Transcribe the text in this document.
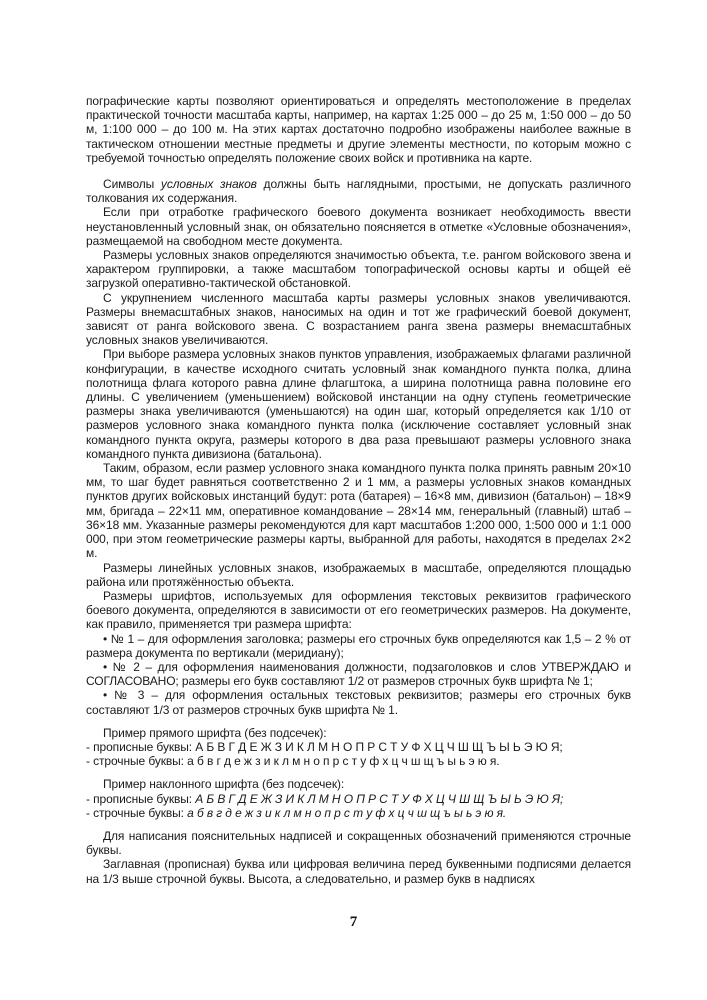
пографические карты позволяют ориентироваться и определять местоположение в пределах практической точности масштаба карты, например, на картах 1:25 000 – до 25 м, 1:50 000 – до 50 м, 1:100 000 – до 100 м. На этих картах достаточно подробно изображены наиболее важные в тактическом отношении местные предметы и другие элементы местности, по которым можно с требуемой точностью определять положение своих войск и противника на карте.

Символы условных знаков должны быть наглядными, простыми, не допускать различного толкования их содержания.

Если при отработке графического боевого документа возникает необходимость ввести неустановленный условный знак, он обязательно поясняется в отметке «Условные обозначения», размещаемой на свободном месте документа.

Размеры условных знаков определяются значимостью объекта, т.е. рангом войскового звена и характером группировки, а также масштабом топографической основы карты и общей её загрузкой оперативно-тактической обстановкой.

С укрупнением численного масштаба карты размеры условных знаков увеличиваются. Размеры внемасштабных знаков, наносимых на один и тот же графический боевой документ, зависят от ранга войскового звена. С возрастанием ранга звена размеры внемасштабных условных знаков увеличиваются.

При выборе размера условных знаков пунктов управления, изображаемых флагами различной конфигурации, в качестве исходного считать условный знак командного пункта полка, длина полотнища флага которого равна длине флагштока, а ширина полотнища равна половине его длины. С увеличением (уменьшением) войсковой инстанции на одну ступень геометрические размеры знака увеличиваются (уменьшаются) на один шаг, который определяется как 1/10 от размеров условного знака командного пункта полка (исключение составляет условный знак командного пункта округа, размеры которого в два раза превышают размеры условного знака командного пункта дивизиона (батальона).

Таким, образом, если размер условного знака командного пункта полка принять равным 20×10 мм, то шаг будет равняться соответственно 2 и 1 мм, а размеры условных знаков командных пунктов других войсковых инстанций будут: рота (батарея) – 16×8 мм, дивизион (батальон) – 18×9 мм, бригада – 22×11 мм, оперативное командование – 28×14 мм, генеральный (главный) штаб – 36×18 мм. Указанные размеры рекомендуются для карт масштабов 1:200 000, 1:500 000 и 1:1 000 000, при этом геометрические размеры карты, выбранной для работы, находятся в пределах 2×2 м.

Размеры линейных условных знаков, изображаемых в масштабе, определяются площадью района или протяжённостью объекта.

Размеры шрифтов, используемых для оформления текстовых реквизитов графического боевого документа, определяются в зависимости от его геометрических размеров. На документе, как правило, применяется три размера шрифта:

• № 1 – для оформления заголовка; размеры его строчных букв определяются как 1,5 – 2 % от размера документа по вертикали (меридиану);

• № 2 – для оформления наименования должности, подзаголовков и слов УТВЕРЖДАЮ и СОГЛАСОВАНО; размеры его букв составляют 1/2 от размеров строчных букв шрифта № 1;

• № 3 – для оформления остальных текстовых реквизитов; размеры его строчных букв составляют 1/3 от размеров строчных букв шрифта № 1.

Пример прямого шрифта (без подсечек):

- прописные буквы: А Б В Г Д Е Ж З И К Л М Н О П Р С Т У Ф Х Ц Ч Ш Щ Ъ Ы Ь Э Ю Я;

- строчные буквы: а б в г д е ж з и к л м н о п р с т у ф х ц ч ш щ ъ ы ь э ю я.

Пример наклонного шрифта (без подсечек):

- прописные буквы: А Б В Г Д Е Ж З И К Л М Н О П Р С Т У Ф Х Ц Ч Ш Щ Ъ Ы Ь Э Ю Я;

- строчные буквы: а б в г д е ж з и к л м н о п р с т у ф х ц ч ш щ ъ ы ь э ю я.

Для написания пояснительных надписей и сокращенных обозначений применяются строчные буквы.

Заглавная (прописная) буква или цифровая величина перед буквенными подписями делается на 1/3 выше строчной буквы. Высота, а следовательно, и размер букв в надписях

7
